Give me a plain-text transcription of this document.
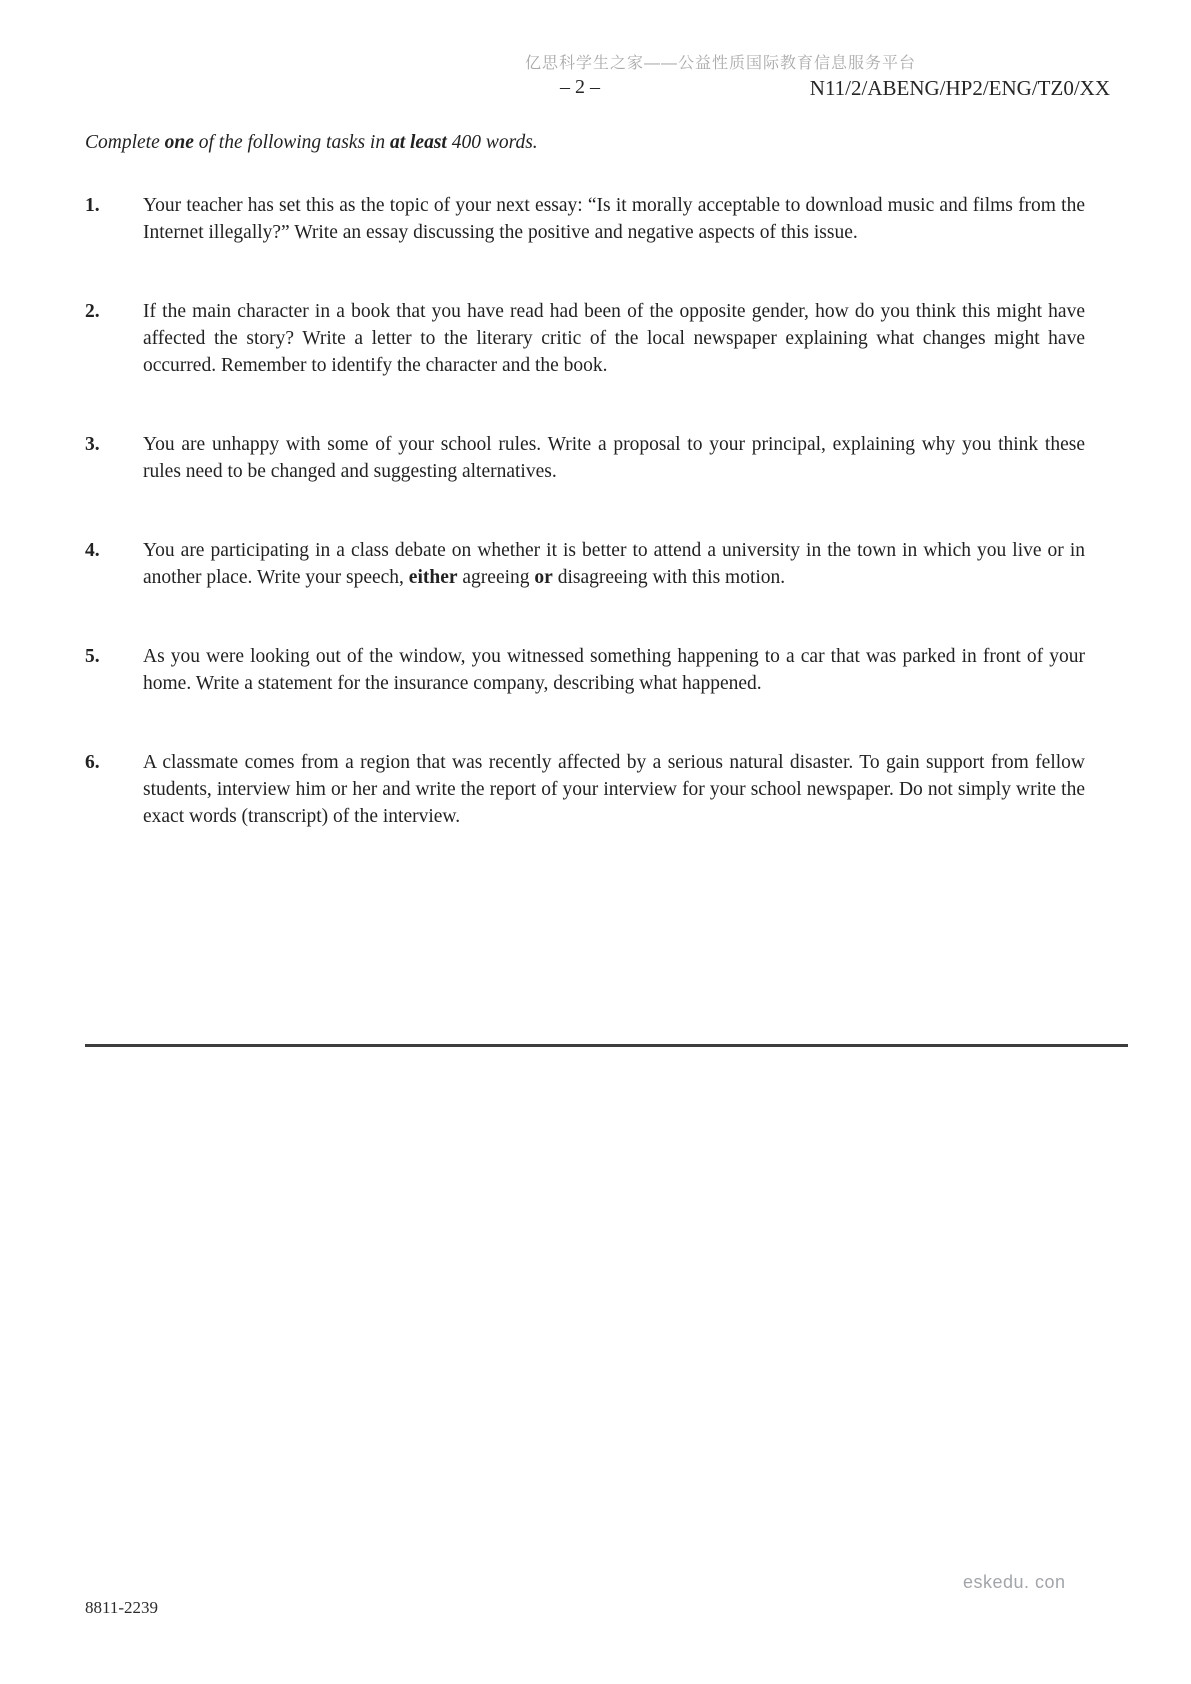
亿思科学生之家——公益性质国际教育信息服务平台
– 2 –	N11/2/ABENG/HP2/ENG/TZ0/XX
Complete one of the following tasks in at least 400 words.
1.	Your teacher has set this as the topic of your next essay: “Is it morally acceptable to download music and films from the Internet illegally?” Write an essay discussing the positive and negative aspects of this issue.
2.	If the main character in a book that you have read had been of the opposite gender, how do you think this might have affected the story? Write a letter to the literary critic of the local newspaper explaining what changes might have occurred. Remember to identify the character and the book.
3.	You are unhappy with some of your school rules. Write a proposal to your principal, explaining why you think these rules need to be changed and suggesting alternatives.
4.	You are participating in a class debate on whether it is better to attend a university in the town in which you live or in another place. Write your speech, either agreeing or disagreeing with this motion.
5.	As you were looking out of the window, you witnessed something happening to a car that was parked in front of your home. Write a statement for the insurance company, describing what happened.
6.	A classmate comes from a region that was recently affected by a serious natural disaster. To gain support from fellow students, interview him or her and write the report of your interview for your school newspaper. Do not simply write the exact words (transcript) of the interview.
8811-2239
eskedu. con
